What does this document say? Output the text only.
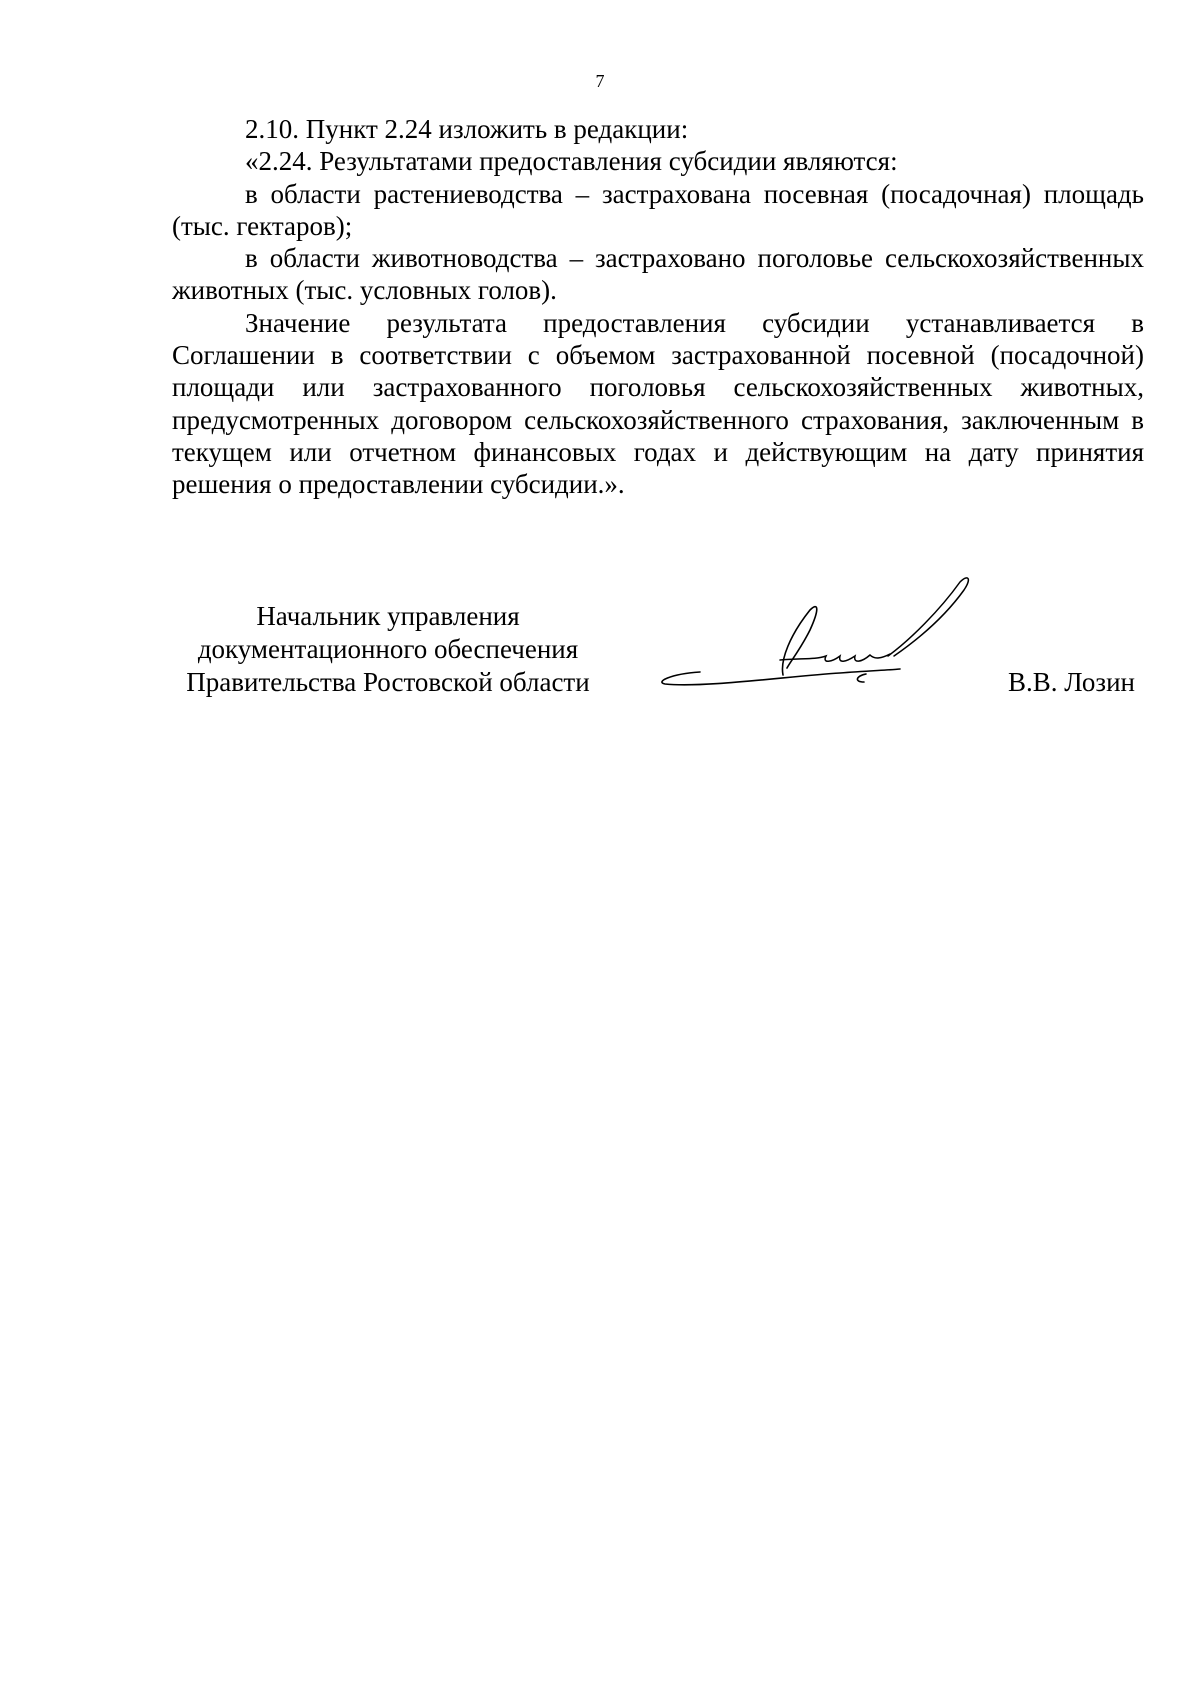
7

2.10. Пункт 2.24 изложить в редакции:

«2.24. Результатами предоставления субсидии являются:

в области растениеводства – застрахована посевная (посадочная) площадь (тыс. гектаров);

в области животноводства – застраховано поголовье сельскохозяйственных животных (тыс. условных голов).

Значение результата предоставления субсидии устанавливается в Соглашении в соответствии с объемом застрахованной посевной (посадочной) площади или застрахованного поголовья сельскохозяйственных животных, предусмотренных договором сельскохозяйственного страхования, заключенным в текущем или отчетном финансовых годах и действующим на дату принятия решения о предоставлении субсидии.».

Начальник управления
документационного обеспечения
Правительства Ростовской области	В.В. Лозин
